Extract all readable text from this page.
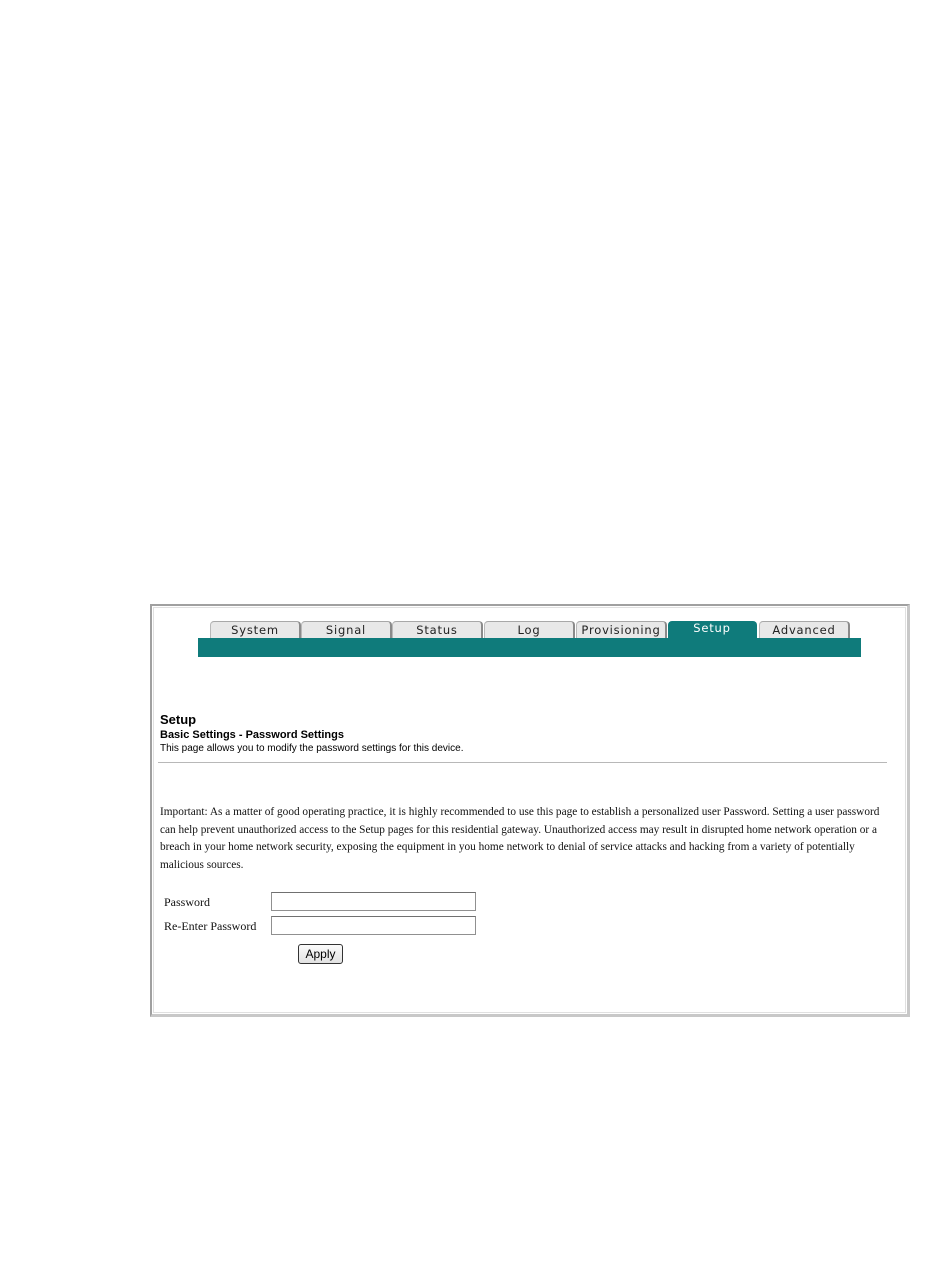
System	Signal	Status	Log	Provisioning	Setup	Advanced
Setup
Basic Settings - Password Settings
This page allows you to modify the password settings for this device.
Important: As a matter of good operating practice, it is highly recommended to use this page to establish a personalized user Password. Setting a user password can help prevent unauthorized access to the Setup pages for this residential gateway. Unauthorized access may result in disrupted home network operation or a breach in your home network security, exposing the equipment in you home network to denial of service attacks and hacking from a variety of potentially malicious sources.
Password
Re-Enter Password
Apply
